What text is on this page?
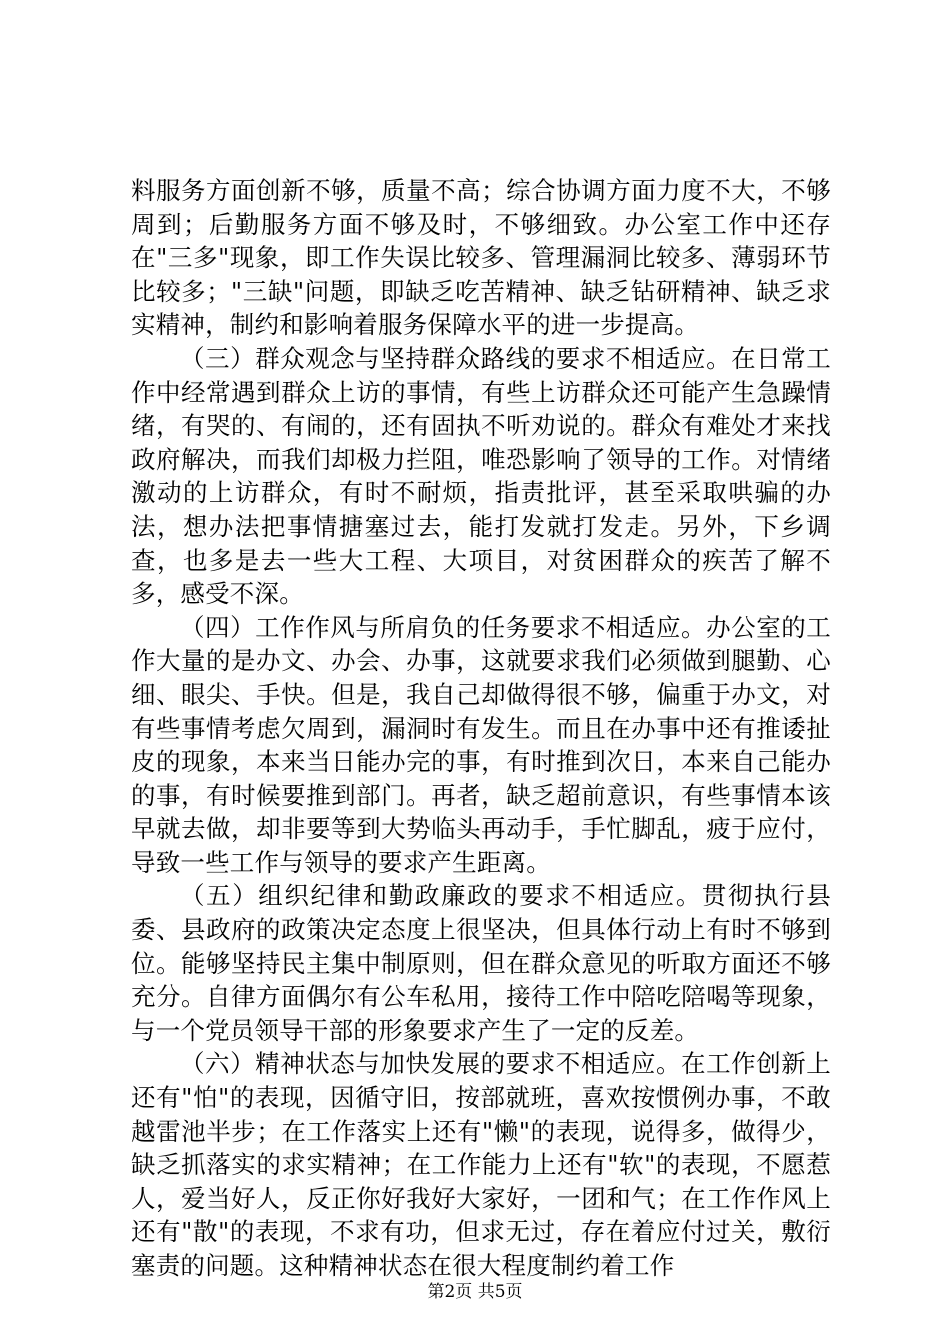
料服务方面创新不够，质量不高；综合协调方面力度不大，不够周到；后勤服务方面不够及时，不够细致。办公室工作中还存在"三多"现象，即工作失误比较多、管理漏洞比较多、薄弱环节比较多；"三缺"问题，即缺乏吃苦精神、缺乏钻研精神、缺乏求实精神，制约和影响着服务保障水平的进一步提高。

（三）群众观念与坚持群众路线的要求不相适应。在日常工作中经常遇到群众上访的事情，有些上访群众还可能产生急躁情绪，有哭的、有闹的，还有固执不听劝说的。群众有难处才来找政府解决，而我们却极力拦阻，唯恐影响了领导的工作。对情绪激动的上访群众，有时不耐烦，指责批评，甚至采取哄骗的办法，想办法把事情搪塞过去，能打发就打发走。另外，下乡调查，也多是去一些大工程、大项目，对贫困群众的疾苦了解不多，感受不深。

（四）工作作风与所肩负的任务要求不相适应。办公室的工作大量的是办文、办会、办事，这就要求我们必须做到腿勤、心细、眼尖、手快。但是，我自己却做得很不够，偏重于办文，对有些事情考虑欠周到，漏洞时有发生。而且在办事中还有推诿扯皮的现象，本来当日能办完的事，有时推到次日，本来自己能办的事，有时候要推到部门。再者，缺乏超前意识，有些事情本该早就去做，却非要等到大势临头再动手，手忙脚乱，疲于应付，导致一些工作与领导的要求产生距离。

（五）组织纪律和勤政廉政的要求不相适应。贯彻执行县委、县政府的政策决定态度上很坚决，但具体行动上有时不够到位。能够坚持民主集中制原则，但在群众意见的听取方面还不够充分。自律方面偶尔有公车私用，接待工作中陪吃陪喝等现象，与一个党员领导干部的形象要求产生了一定的反差。

（六）精神状态与加快发展的要求不相适应。在工作创新上还有"怕"的表现，因循守旧，按部就班，喜欢按惯例办事，不敢越雷池半步；在工作落实上还有"懒"的表现，说得多，做得少，缺乏抓落实的求实精神；在工作能力上还有"软"的表现，不愿惹人，爱当好人，反正你好我好大家好，一团和气；在工作作风上还有"散"的表现，不求有功，但求无过，存在着应付过关，敷衍塞责的问题。这种精神状态在很大程度制约着工作

第2页 共5页
